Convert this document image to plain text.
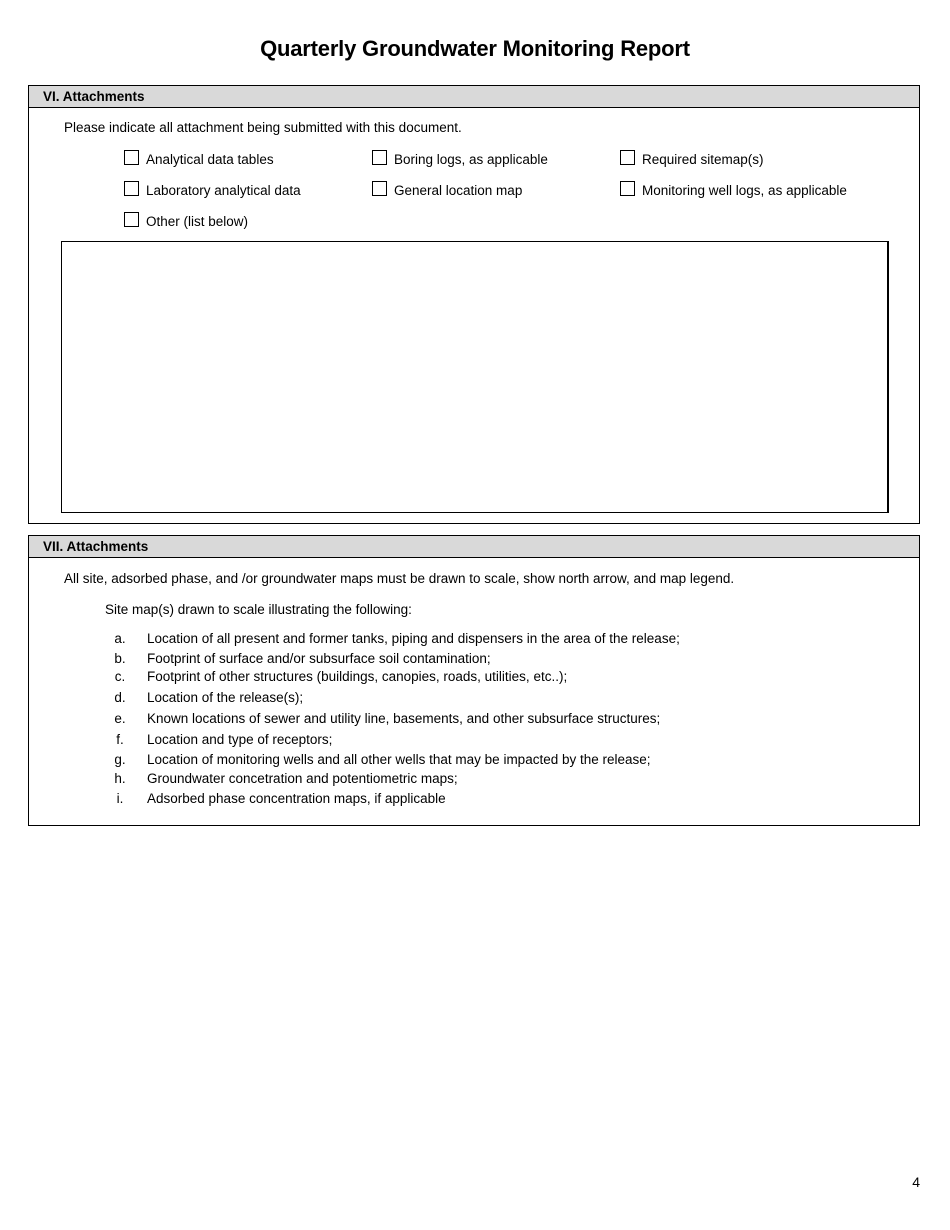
Quarterly Groundwater Monitoring Report
VI. Attachments
Please indicate all attachment being submitted with this document.
Analytical data tables	Boring logs, as applicable	Required sitemap(s)
Laboratory analytical data	General location map	Monitoring well logs, as applicable
Other (list below)
VII. Attachments
All site, adsorbed phase, and /or groundwater maps must be drawn to scale, show north arrow, and map legend.
Site map(s) drawn to scale illustrating the following:
a.	Location of all present and former tanks, piping and dispensers in the area of the release;
b.	Footprint of surface and/or subsurface soil contamination;
c.	Footprint of other structures (buildings, canopies, roads, utilities, etc..);
d.	Location of the release(s);
e.	Known locations of sewer and utility line, basements, and other subsurface structures;
f.	Location and type of receptors;
g.	Location of monitoring wells and all other wells that may be impacted by the release;
h.	Groundwater concetration and potentiometric maps;
i.	Adsorbed phase concentration maps, if applicable
4
